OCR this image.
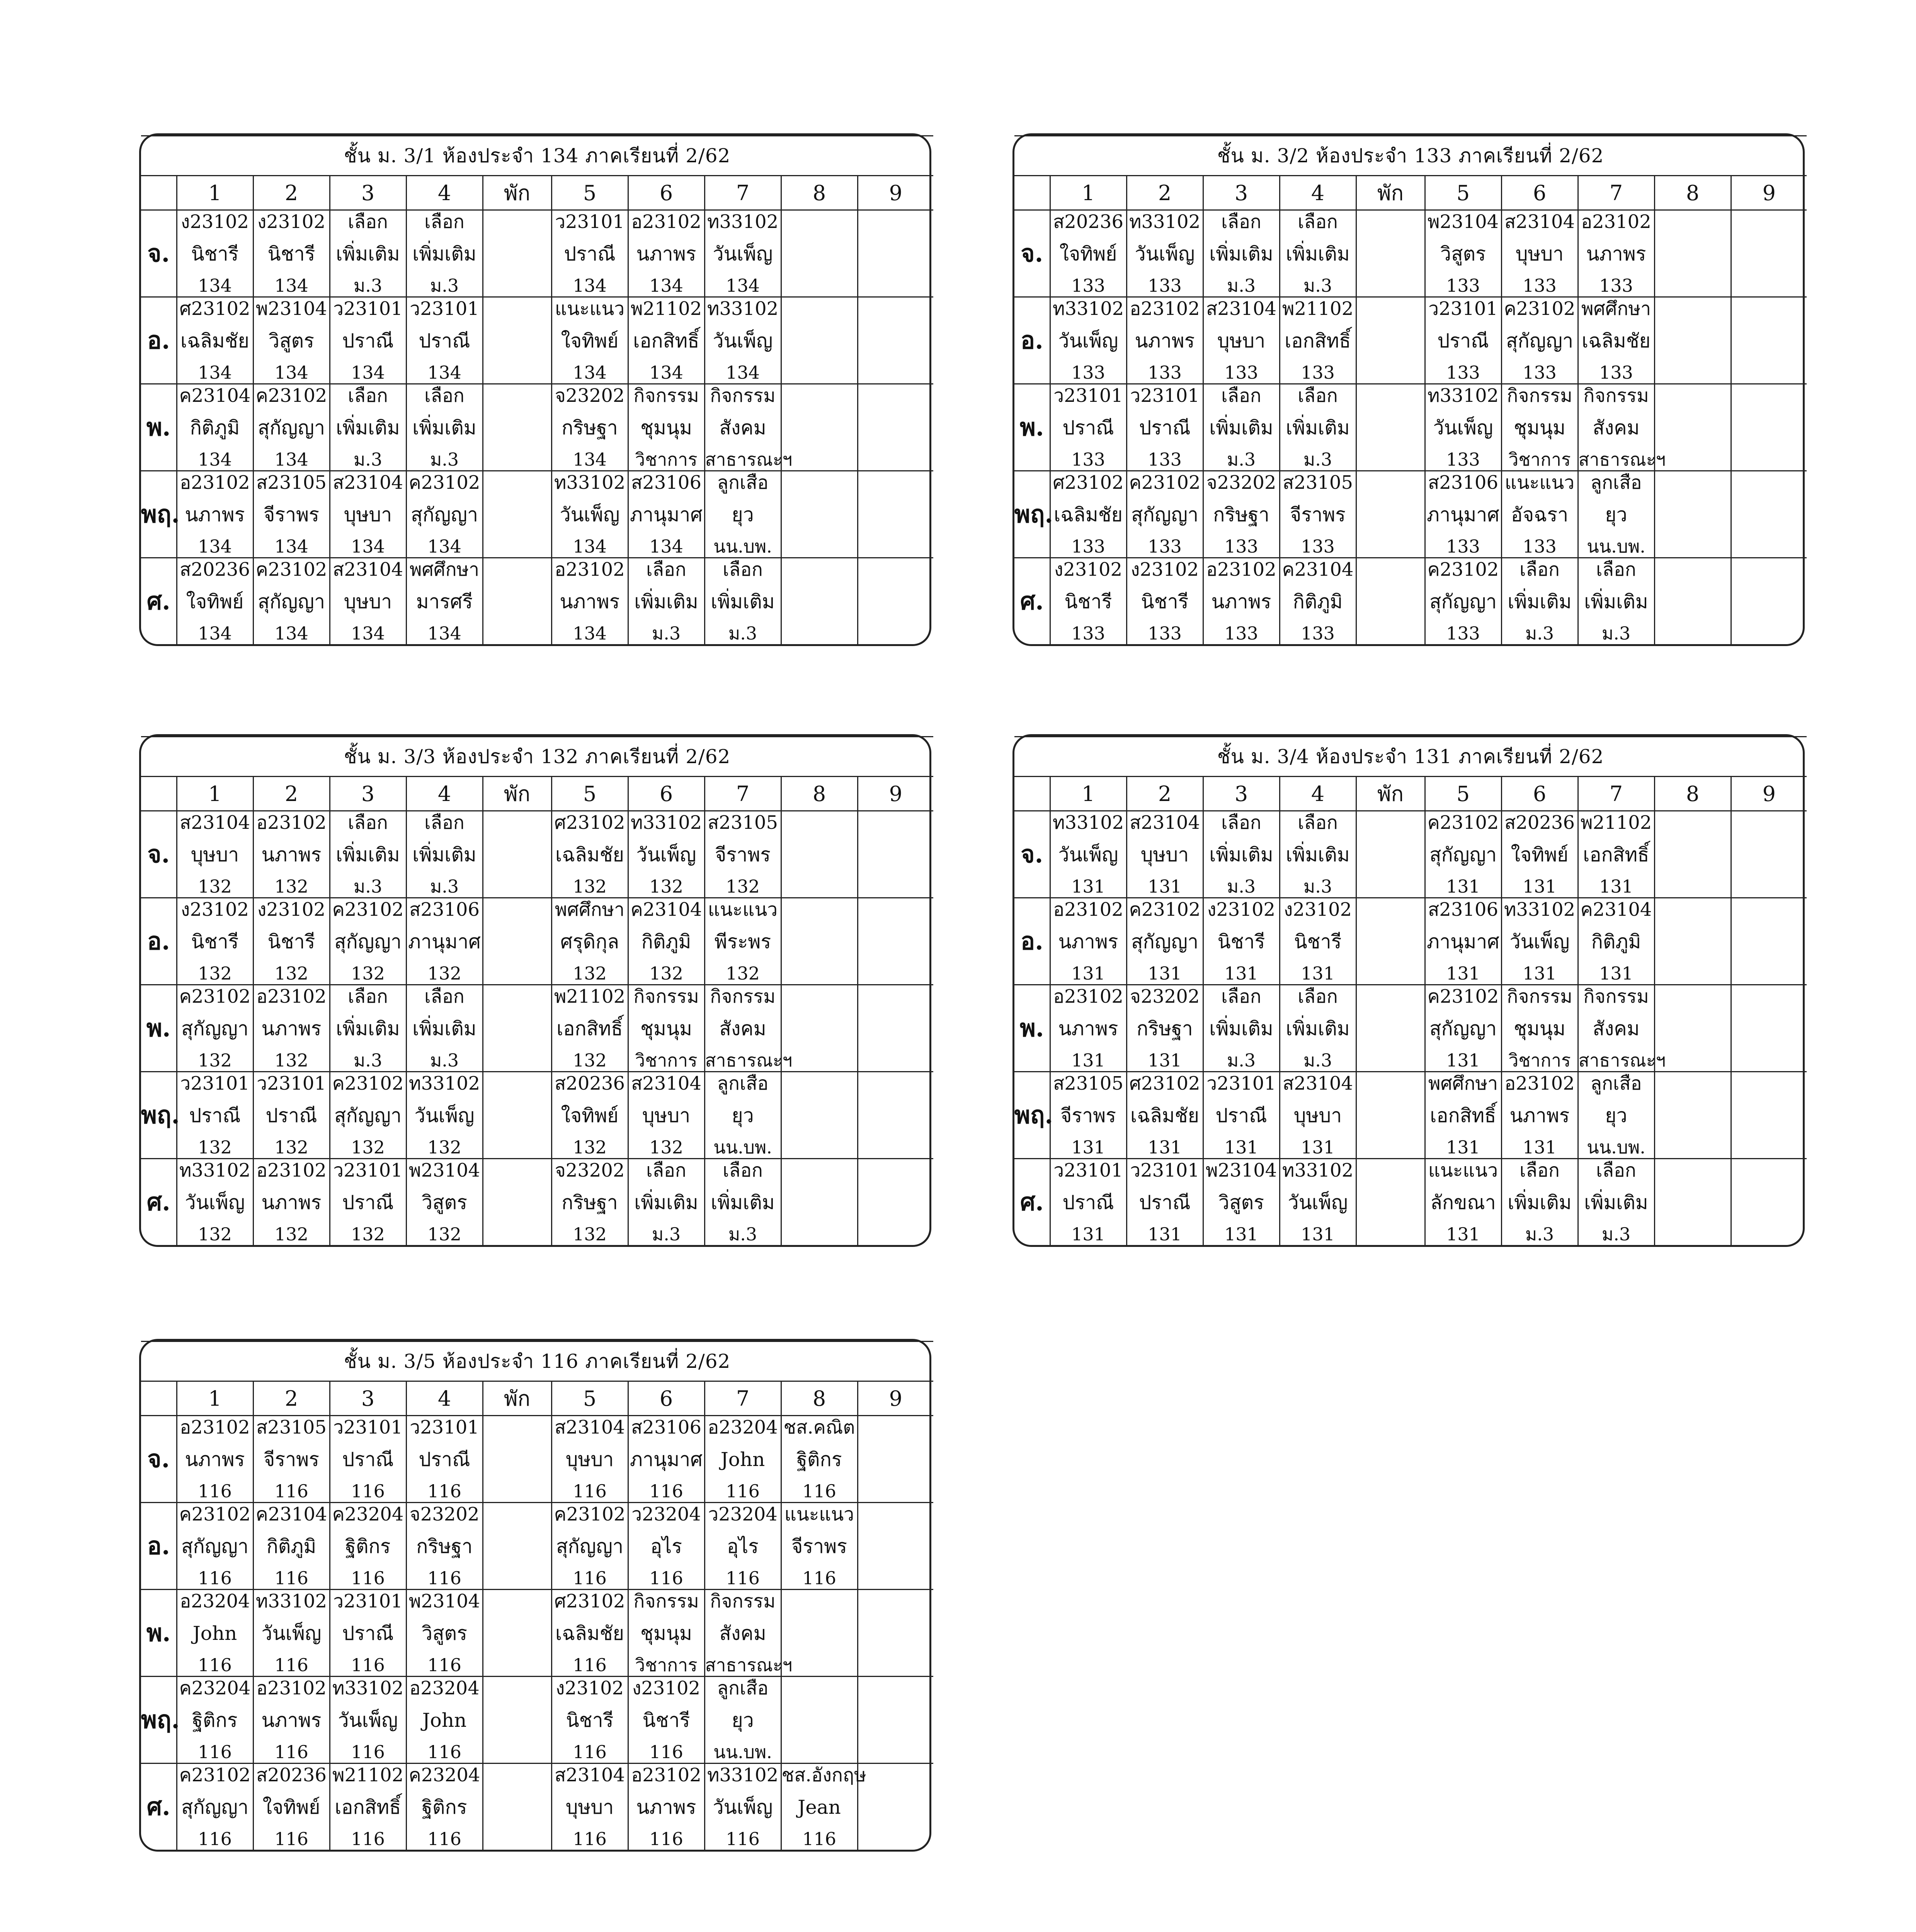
ชั้น ม. 3/1 ห้องประจำ 134 ภาคเรียนที่ 2/62										
	1	2	3	4	พัก	5	6	7	8	9
จ.	ง23102
นิชารี
134	ง23102
นิชารี
134	เลือก
เพิ่มเติม
ม.3	เลือก
เพิ่มเติม
ม.3		ว23101
ปราณี
134	อ23102
นภาพร
134	ท33102
วันเพ็ญ
134		

อ.	ศ23102
เฉลิมชัย
134	พ23104
วิสูตร
134	ว23101
ปราณี
134	ว23101
ปราณี
134		แนะแนว
ใจทิพย์
134	พ21102
เอกสิทธิ์
134	ท33102
วันเพ็ญ
134		

พ.	ค23104
กิติภูมิ
134	ค23102
สุกัญญา
134	เลือก
เพิ่มเติม
ม.3	เลือก
เพิ่มเติม
ม.3		จ23202
กริษฐา
134	กิจกรรม
ชุมนุม
วิชาการ	กิจกรรม
สังคม
สาธารณะฯ		

พฤ.	อ23102
นภาพร
134	ส23105
จีราพร
134	ส23104
บุษบา
134	ค23102
สุกัญญา
134		ท33102
วันเพ็ญ
134	ส23106
ภานุมาศ
134	ลูกเสือ
ยุว
นน.บพ.		

ศ.	ส20236
ใจทิพย์
134	ค23102
สุกัญญา
134	ส23104
บุษบา
134	พศศึกษา
มารศรี
134		อ23102
นภาพร
134	เลือก
เพิ่มเติม
ม.3	เลือก
เพิ่มเติม
ม.3		

ชั้น ม. 3/2 ห้องประจำ 133 ภาคเรียนที่ 2/62										
	1	2	3	4	พัก	5	6	7	8	9
จ.	ส20236
ใจทิพย์
133	ท33102
วันเพ็ญ
133	เลือก
เพิ่มเติม
ม.3	เลือก
เพิ่มเติม
ม.3		พ23104
วิสูตร
133	ส23104
บุษบา
133	อ23102
นภาพร
133		

อ.	ท33102
วันเพ็ญ
133	อ23102
นภาพร
133	ส23104
บุษบา
133	พ21102
เอกสิทธิ์
133		ว23101
ปราณี
133	ค23102
สุกัญญา
133	พศศึกษา
เฉลิมชัย
133		

พ.	ว23101
ปราณี
133	ว23101
ปราณี
133	เลือก
เพิ่มเติม
ม.3	เลือก
เพิ่มเติม
ม.3		ท33102
วันเพ็ญ
133	กิจกรรม
ชุมนุม
วิชาการ	กิจกรรม
สังคม
สาธารณะฯ		

พฤ.	ศ23102
เฉลิมชัย
133	ค23102
สุกัญญา
133	จ23202
กริษฐา
133	ส23105
จีราพร
133		ส23106
ภานุมาศ
133	แนะแนว
อัจฉรา
133	ลูกเสือ
ยุว
นน.บพ.		

ศ.	ง23102
นิชารี
133	ง23102
นิชารี
133	อ23102
นภาพร
133	ค23104
กิติภูมิ
133		ค23102
สุกัญญา
133	เลือก
เพิ่มเติม
ม.3	เลือก
เพิ่มเติม
ม.3		

ชั้น ม. 3/3 ห้องประจำ 132 ภาคเรียนที่ 2/62										
	1	2	3	4	พัก	5	6	7	8	9
จ.	ส23104
บุษบา
132	อ23102
นภาพร
132	เลือก
เพิ่มเติม
ม.3	เลือก
เพิ่มเติม
ม.3		ศ23102
เฉลิมชัย
132	ท33102
วันเพ็ญ
132	ส23105
จีราพร
132		

อ.	ง23102
นิชารี
132	ง23102
นิชารี
132	ค23102
สุกัญญา
132	ส23106
ภานุมาศ
132		พศศึกษา
ศรุดิกุล
132	ค23104
กิติภูมิ
132	แนะแนว
พีระพร
132		

พ.	ค23102
สุกัญญา
132	อ23102
นภาพร
132	เลือก
เพิ่มเติม
ม.3	เลือก
เพิ่มเติม
ม.3		พ21102
เอกสิทธิ์
132	กิจกรรม
ชุมนุม
วิชาการ	กิจกรรม
สังคม
สาธารณะฯ		

พฤ.	ว23101
ปราณี
132	ว23101
ปราณี
132	ค23102
สุกัญญา
132	ท33102
วันเพ็ญ
132		ส20236
ใจทิพย์
132	ส23104
บุษบา
132	ลูกเสือ
ยุว
นน.บพ.		

ศ.	ท33102
วันเพ็ญ
132	อ23102
นภาพร
132	ว23101
ปราณี
132	พ23104
วิสูตร
132		จ23202
กริษฐา
132	เลือก
เพิ่มเติม
ม.3	เลือก
เพิ่มเติม
ม.3		

ชั้น ม. 3/4 ห้องประจำ 131 ภาคเรียนที่ 2/62										
	1	2	3	4	พัก	5	6	7	8	9
จ.	ท33102
วันเพ็ญ
131	ส23104
บุษบา
131	เลือก
เพิ่มเติม
ม.3	เลือก
เพิ่มเติม
ม.3		ค23102
สุกัญญา
131	ส20236
ใจทิพย์
131	พ21102
เอกสิทธิ์
131		

อ.	อ23102
นภาพร
131	ค23102
สุกัญญา
131	ง23102
นิชารี
131	ง23102
นิชารี
131		ส23106
ภานุมาศ
131	ท33102
วันเพ็ญ
131	ค23104
กิติภูมิ
131		

พ.	อ23102
นภาพร
131	จ23202
กริษฐา
131	เลือก
เพิ่มเติม
ม.3	เลือก
เพิ่มเติม
ม.3		ค23102
สุกัญญา
131	กิจกรรม
ชุมนุม
วิชาการ	กิจกรรม
สังคม
สาธารณะฯ		

พฤ.	ส23105
จีราพร
131	ศ23102
เฉลิมชัย
131	ว23101
ปราณี
131	ส23104
บุษบา
131		พศศึกษา
เอกสิทธิ์
131	อ23102
นภาพร
131	ลูกเสือ
ยุว
นน.บพ.		

ศ.	ว23101
ปราณี
131	ว23101
ปราณี
131	พ23104
วิสูตร
131	ท33102
วันเพ็ญ
131		แนะแนว
ลักขณา
131	เลือก
เพิ่มเติม
ม.3	เลือก
เพิ่มเติม
ม.3		

ชั้น ม. 3/5 ห้องประจำ 116 ภาคเรียนที่ 2/62										
	1	2	3	4	พัก	5	6	7	8	9
จ.	อ23102
นภาพร
116	ส23105
จีราพร
116	ว23101
ปราณี
116	ว23101
ปราณี
116		ส23104
บุษบา
116	ส23106
ภานุมาศ
116	อ23204
John
116	ชส.คณิต
ฐิติกร
116	

อ.	ค23102
สุกัญญา
116	ค23104
กิติภูมิ
116	ค23204
ฐิติกร
116	จ23202
กริษฐา
116		ค23102
สุกัญญา
116	ว23204
อุไร
116	ว23204
อุไร
116	แนะแนว
จีราพร
116	

พ.	อ23204
John
116	ท33102
วันเพ็ญ
116	ว23101
ปราณี
116	พ23104
วิสูตร
116		ศ23102
เฉลิมชัย
116	กิจกรรม
ชุมนุม
วิชาการ	กิจกรรม
สังคม
สาธารณะฯ		

พฤ.	ค23204
ฐิติกร
116	อ23102
นภาพร
116	ท33102
วันเพ็ญ
116	อ23204
John
116		ง23102
นิชารี
116	ง23102
นิชารี
116	ลูกเสือ
ยุว
นน.บพ.		

ศ.	ค23102
สุกัญญา
116	ส20236
ใจทิพย์
116	พ21102
เอกสิทธิ์
116	ค23204
ฐิติกร
116		ส23104
บุษบา
116	อ23102
นภาพร
116	ท33102
วันเพ็ญ
116	ชส.อังกฤษ
Jean
116	
